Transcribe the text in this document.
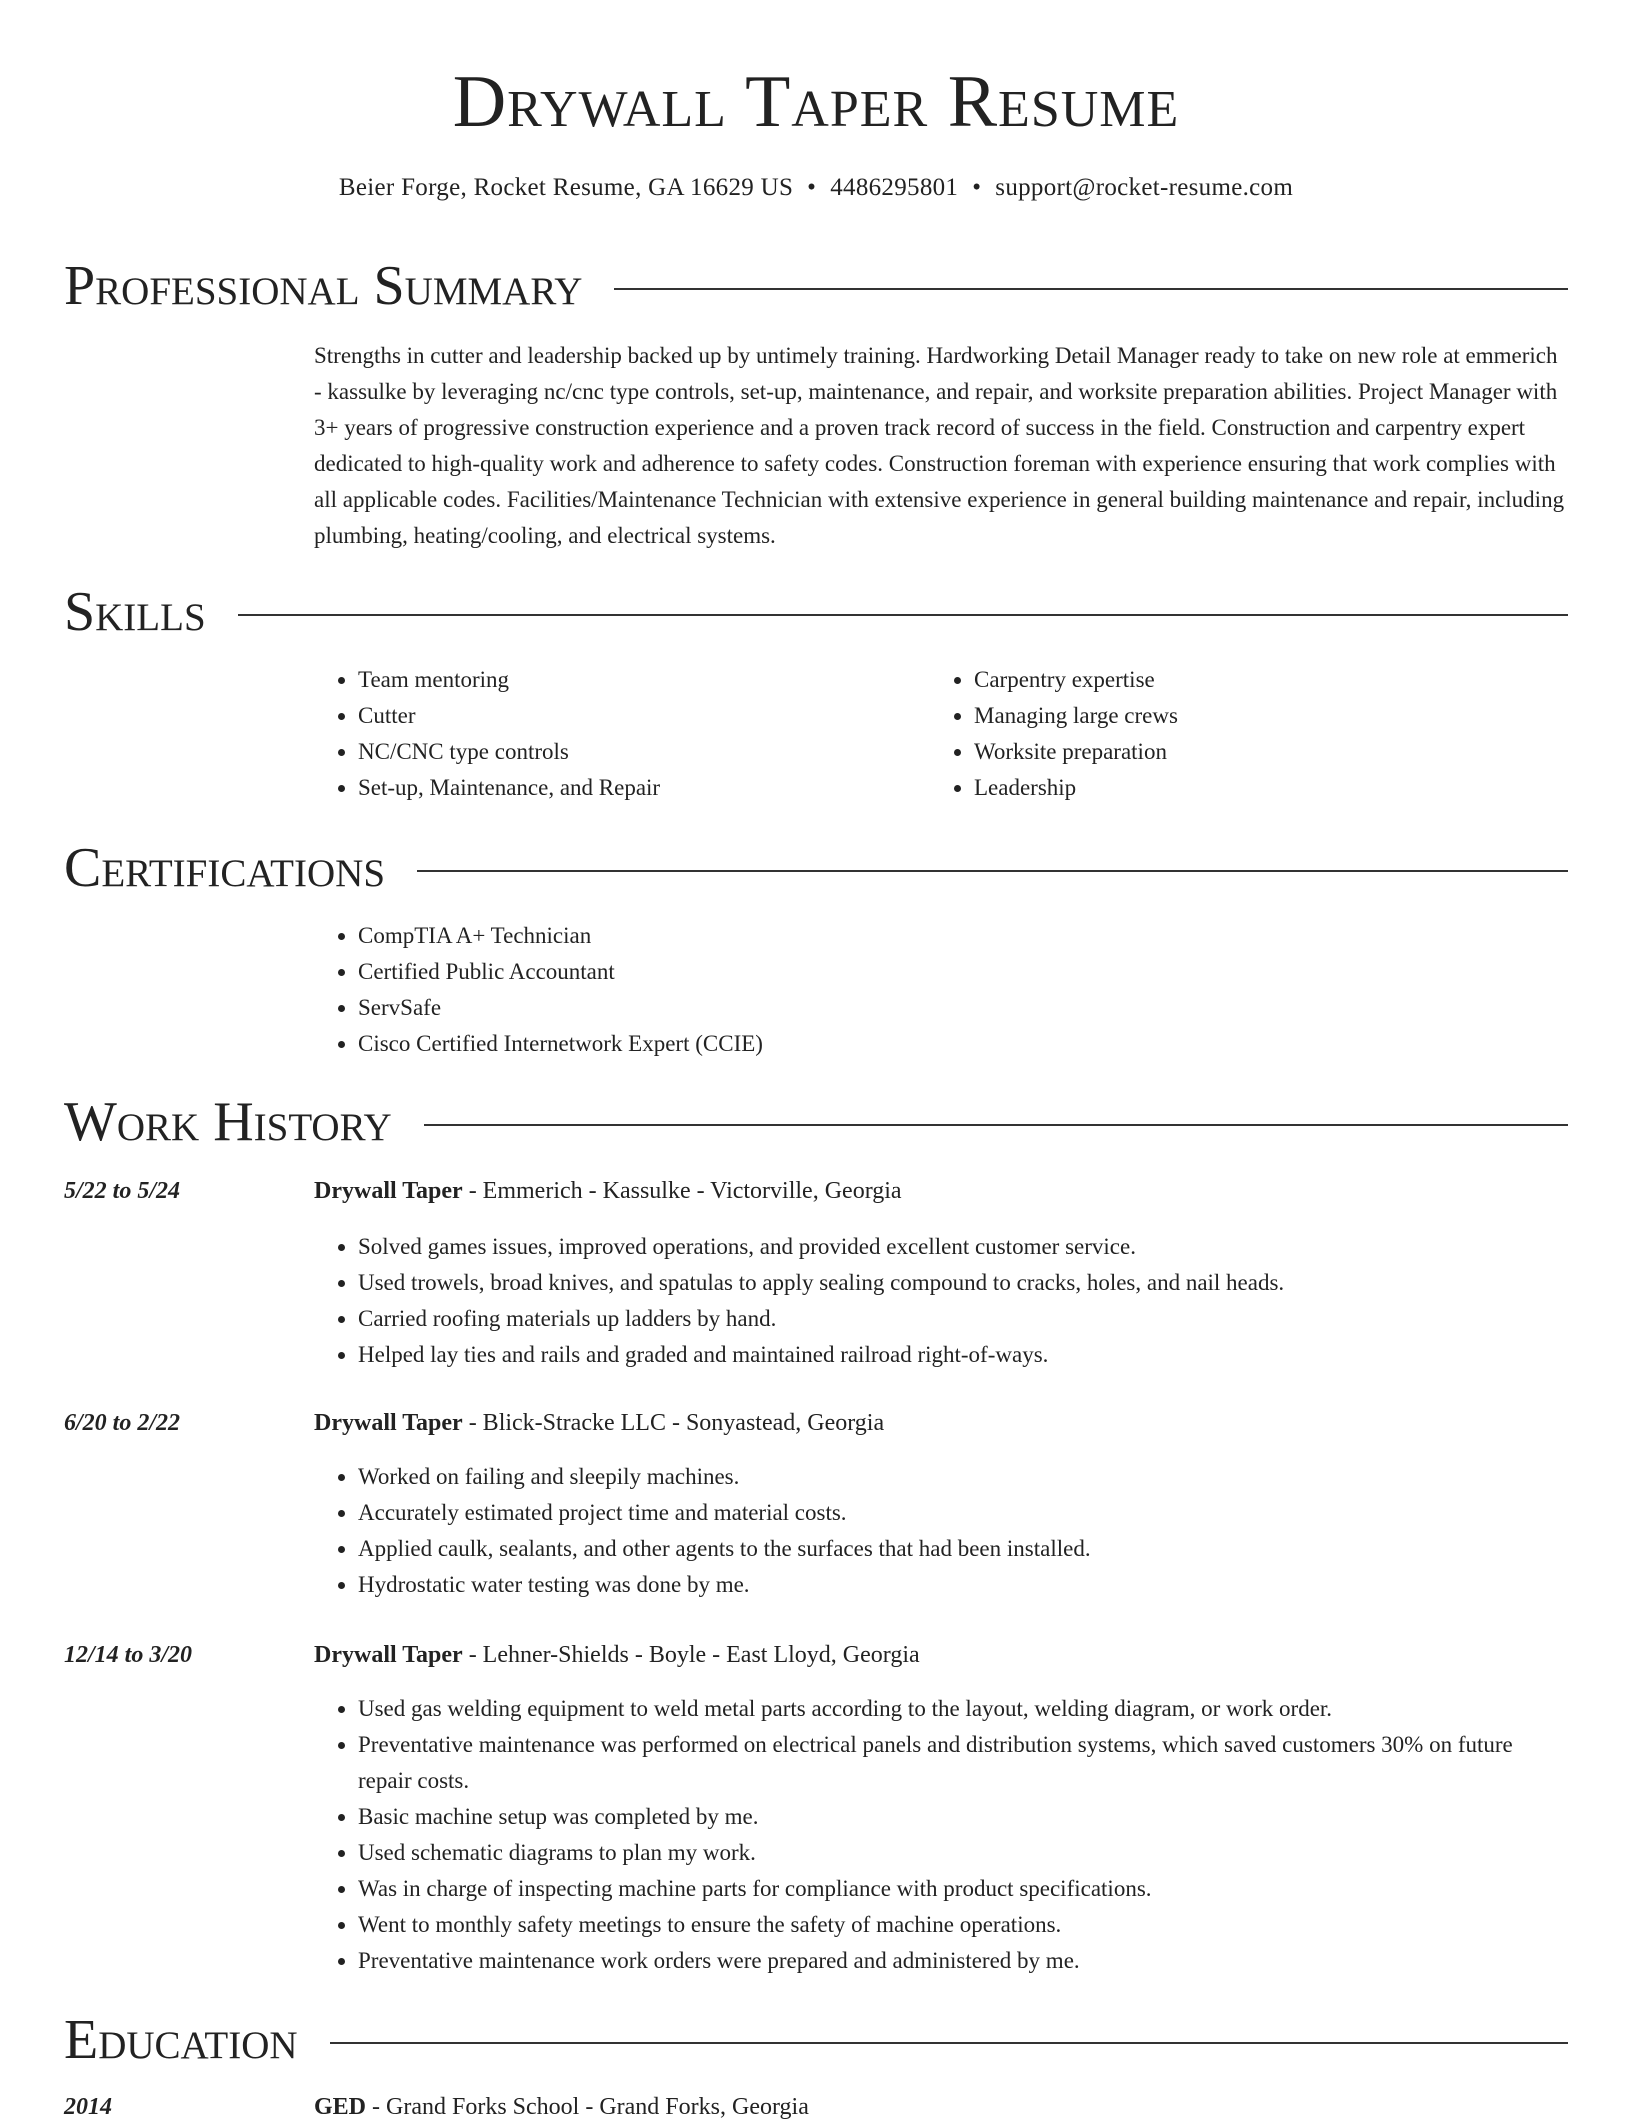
Drywall Taper Resume
Beier Forge, Rocket Resume, GA 16629 US • 4486295801 • support@rocket-resume.com
Professional Summary
Strengths in cutter and leadership backed up by untimely training. Hardworking Detail Manager ready to take on new role at emmerich - kassulke by leveraging nc/cnc type controls, set-up, maintenance, and repair, and worksite preparation abilities. Project Manager with 3+ years of progressive construction experience and a proven track record of success in the field. Construction and carpentry expert dedicated to high-quality work and adherence to safety codes. Construction foreman with experience ensuring that work complies with all applicable codes. Facilities/Maintenance Technician with extensive experience in general building maintenance and repair, including plumbing, heating/cooling, and electrical systems.
Skills
• Team mentoring
• Cutter
• NC/CNC type controls
• Set-up, Maintenance, and Repair
• Carpentry expertise
• Managing large crews
• Worksite preparation
• Leadership
Certifications
• CompTIA A+ Technician
• Certified Public Accountant
• ServSafe
• Cisco Certified Internetwork Expert (CCIE)
Work History
5/22 to 5/24	Drywall Taper - Emmerich - Kassulke - Victorville, Georgia
• Solved games issues, improved operations, and provided excellent customer service.
• Used trowels, broad knives, and spatulas to apply sealing compound to cracks, holes, and nail heads.
• Carried roofing materials up ladders by hand.
• Helped lay ties and rails and graded and maintained railroad right-of-ways.
6/20 to 2/22	Drywall Taper - Blick-Stracke LLC - Sonyastead, Georgia
• Worked on failing and sleepily machines.
• Accurately estimated project time and material costs.
• Applied caulk, sealants, and other agents to the surfaces that had been installed.
• Hydrostatic water testing was done by me.
12/14 to 3/20	Drywall Taper - Lehner-Shields - Boyle - East Lloyd, Georgia
• Used gas welding equipment to weld metal parts according to the layout, welding diagram, or work order.
• Preventative maintenance was performed on electrical panels and distribution systems, which saved customers 30% on future repair costs.
• Basic machine setup was completed by me.
• Used schematic diagrams to plan my work.
• Was in charge of inspecting machine parts for compliance with product specifications.
• Went to monthly safety meetings to ensure the safety of machine operations.
• Preventative maintenance work orders were prepared and administered by me.
Education
2014	GED - Grand Forks School - Grand Forks, Georgia
